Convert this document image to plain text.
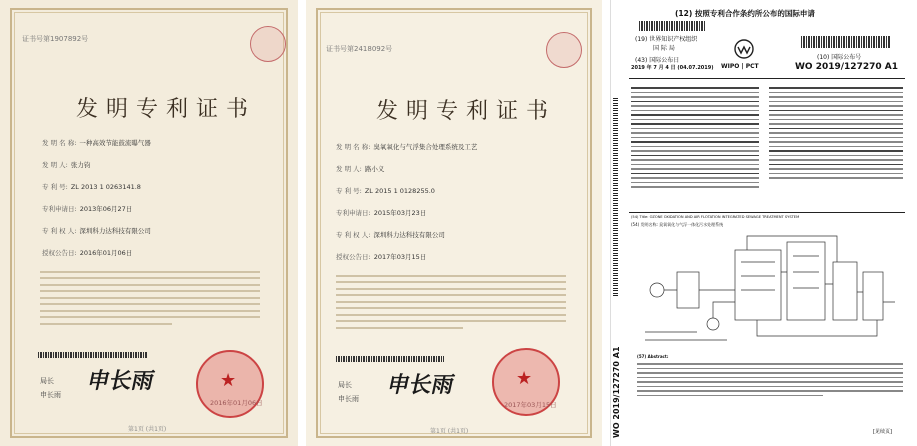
证书号第1907892号
发明专利证书
发 明 名 称: 一种高效节能鼓流曝气器
发 明 人: 张力钧
专 利 号: ZL 2013 1 0263141.8
专利申请日: 2013年06月27日
专 利 权 人: 深圳科力达科技有限公司
授权公告日: 2016年01月06日
局长
申长雨
申长雨	★
2016年01月06日
第1页 (共1页)
证书号第2418092号
发明专利证书
发 明 名 称: 臭氧氧化与气浮集合处理系统及工艺
发 明 人: 路小义
专 利 号: ZL 2015 1 0128255.0
专利申请日: 2015年03月23日
专 利 权 人: 深圳科力达科技有限公司
授权公告日: 2017年03月15日
局长
申长雨
申长雨	★
2017年03月15日
第1页 (共1页)
(12) 按照专利合作条约所公布的国际申请
(19) 世界知识产权组织
国 际 局
(43) 国际公布日
2019 年 7 月 4 日 (04.07.2019) WIPO | PCT
(10) 国际公布号
WO 2019/127270 A1
(54) Title: OZONE OXIDATION AND AIR FLOTATION INTEGRATED SEWAGE TREATMENT SYSTEM
(54) 发明名称: 臭氧氧化与气浮一体化污水处理系统
(57) Abstract:
[见续页]
WO 2019/127270 A1
